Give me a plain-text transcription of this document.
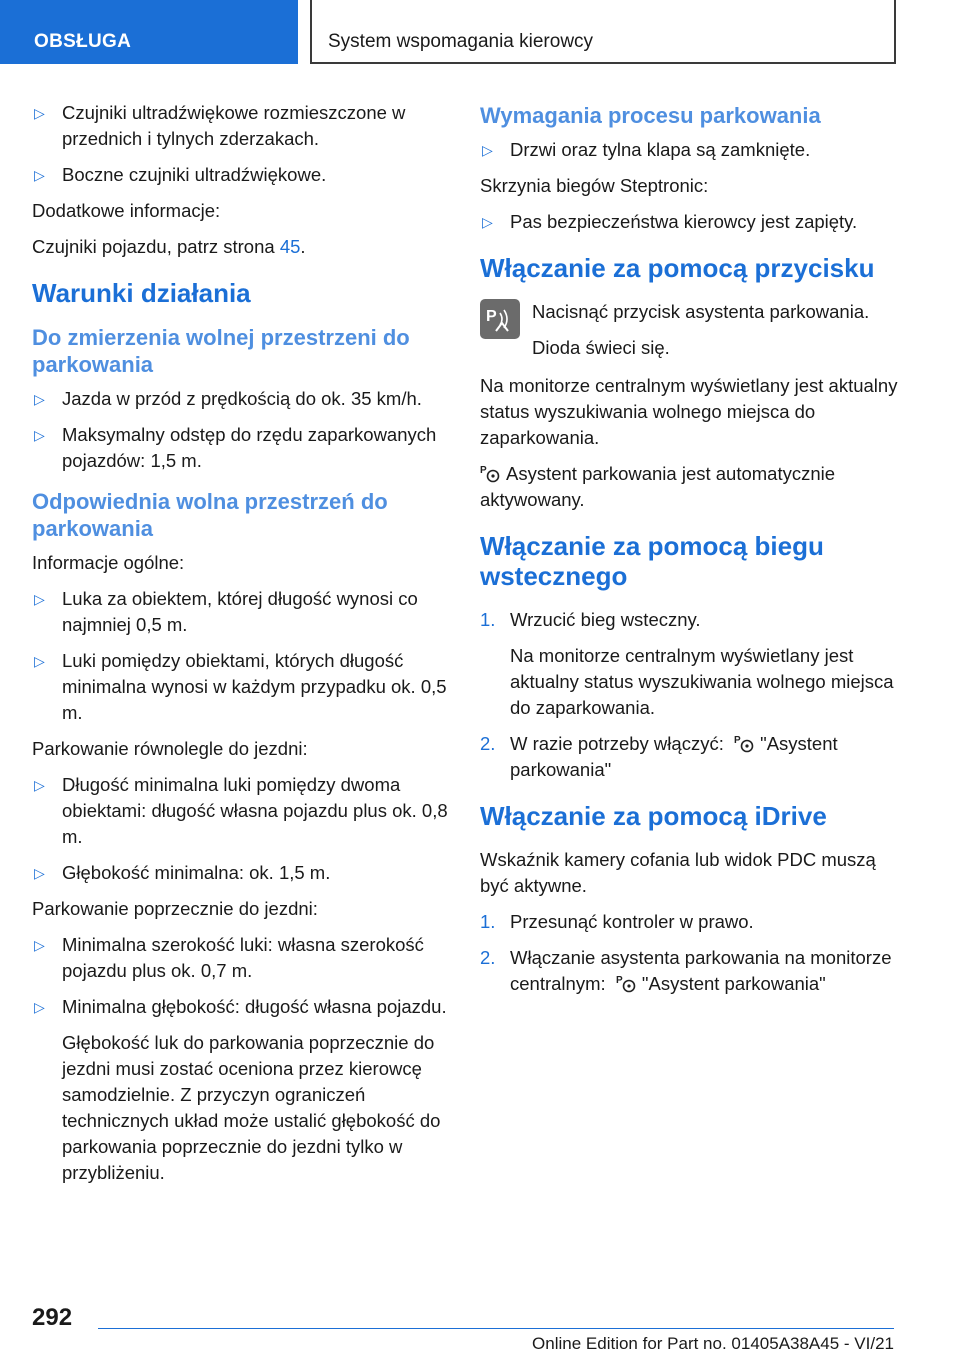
OBSŁUGA	System wspomagania kierowcy
▷ Czujniki ultradźwiękowe rozmieszczone w przednich i tylnych zderzakach.
▷ Boczne czujniki ultradźwiękowe.

Dodatkowe informacje:

Czujniki pojazdu, patrz strona 45.

Warunki działania
Do zmierzenia wolnej przestrzeni do parkowania
▷ Jazda w przód z prędkością do ok. 35 km/h.
▷ Maksymalny odstęp do rzędu zaparkowanych pojazdów: 1,5 m.
Odpowiednia wolna przestrzeń do parkowania

Informacje ogólne:

▷ Luka za obiektem, której długość wynosi co najmniej 0,5 m.
▷ Luki pomiędzy obiektami, których długość minimalna wynosi w każdym przypadku ok. 0,5 m.

Parkowanie równolegle do jezdni:

▷ Długość minimalna luki pomiędzy dwoma obiektami: długość własna pojazdu plus ok. 0,8 m.
▷ Głębokość minimalna: ok. 1,5 m.

Parkowanie poprzecznie do jezdni:

▷ Minimalna szerokość luki: własna szerokość pojazdu plus ok. 0,7 m.
▷ Minimalna głębokość: długość własna pojazdu.
Głębokość luk do parkowania poprzecznie do jezdni musi zostać oceniona przez kierowcę samodzielnie. Z przyczyn ograniczeń technicznych układ może ustalić głębokość do parkowania poprzecznie do jezdni tylko w przybliżeniu.
Wymagania procesu parkowania
▷ Drzwi oraz tylna klapa są zamknięte.

Skrzynia biegów Steptronic:

▷ Pas bezpieczeństwa kierowcy jest zapięty.
Włączanie za pomocą przycisku
P Nacisnąć przycisk asystenta parkowania.

Dioda świeci się.

Na monitorze centralnym wyświetlany jest aktualny status wyszukiwania wolnego miejsca do zaparkowania.

P Asystent parkowania jest automatycznie aktywowany.

Włączanie za pomocą biegu wstecznego
1. Wrzucić bieg wsteczny.
Na monitorze centralnym wyświetlany jest aktualny status wyszukiwania wolnego miejsca do zaparkowania.
2. W razie potrzeby włączyć: P "Asystent parkowania"
Włączanie za pomocą iDrive

Wskaźnik kamery cofania lub widok PDC muszą być aktywne.

1. Przesunąć kontroler w prawo.
2. Włączanie asystenta parkowania na monitorze centralnym: P "Asystent parkowania"
292
Online Edition for Part no. 01405A38A45 - VI/21
